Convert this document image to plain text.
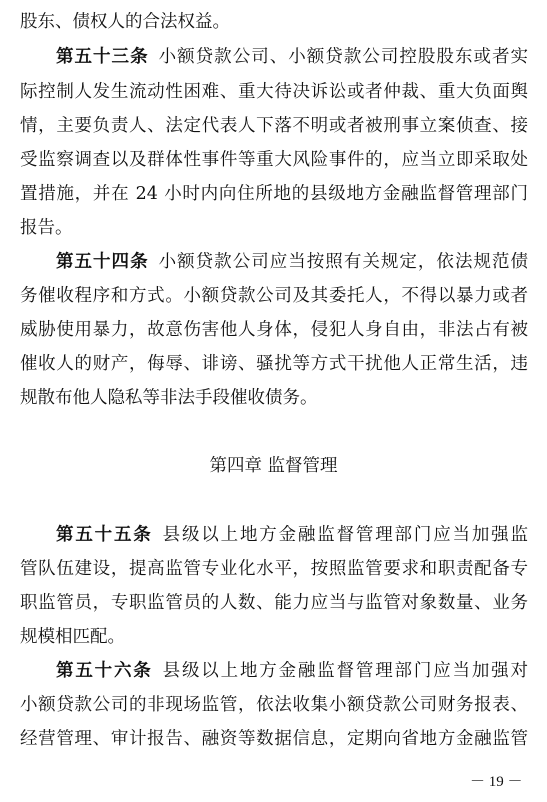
股东、债权人的合法权益。
第五十三条 小额贷款公司、小额贷款公司控股股东或者实
际控制人发生流动性困难、重大待决诉讼或者仲裁、重大负面舆
情，主要负责人、法定代表人下落不明或者被刑事立案侦查、接
受监察调查以及群体性事件等重大风险事件的，应当立即采取处
置措施，并在 24 小时内向住所地的县级地方金融监督管理部门
报告。
第五十四条 小额贷款公司应当按照有关规定，依法规范债
务催收程序和方式。小额贷款公司及其委托人，不得以暴力或者
威胁使用暴力，故意伤害他人身体，侵犯人身自由，非法占有被
催收人的财产，侮辱、诽谤、骚扰等方式干扰他人正常生活，违
规散布他人隐私等非法手段催收债务。
第四章 监督管理
第五十五条 县级以上地方金融监督管理部门应当加强监
管队伍建设，提高监管专业化水平，按照监管要求和职责配备专
职监管员，专职监管员的人数、能力应当与监管对象数量、业务
规模相匹配。
第五十六条 县级以上地方金融监督管理部门应当加强对
小额贷款公司的非现场监管，依法收集小额贷款公司财务报表、
经营管理、审计报告、融资等数据信息，定期向省地方金融监管
－ 19 －
